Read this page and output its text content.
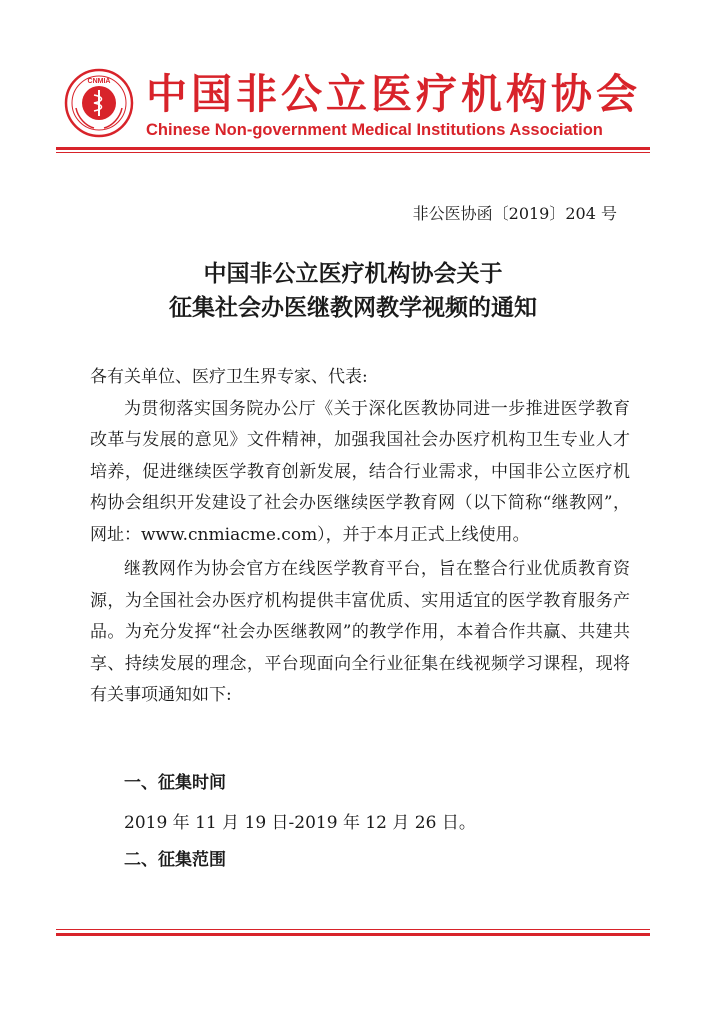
CNMIA 中国非公立医疗机构协会
Chinese Non-government Medical Institutions Association
非公医协函〔2019〕204 号
中国非公立医疗机构协会关于
征集社会办医继教网教学视频的通知

各有关单位、医疗卫生界专家、代表:

为贯彻落实国务院办公厅《关于深化医教协同进一步推进医学教育改革与发展的意见》文件精神，加强我国社会办医疗机构卫生专业人才培养，促进继续医学教育创新发展，结合行业需求，中国非公立医疗机构协会组织开发建设了社会办医继续医学教育网（以下简称“继教网”，网址：www.cnmiacme.com），并于本月正式上线使用。

继教网作为协会官方在线医学教育平台，旨在整合行业优质教育资源，为全国社会办医疗机构提供丰富优质、实用适宜的医学教育服务产品。为充分发挥“社会办医继教网”的教学作用，本着合作共赢、共建共享、持续发展的理念，平台现面向全行业征集在线视频学习课程，现将有关事项通知如下:

一、征集时间
2019 年 11 月 19 日-2019 年 12 月 26 日。
二、征集范围
